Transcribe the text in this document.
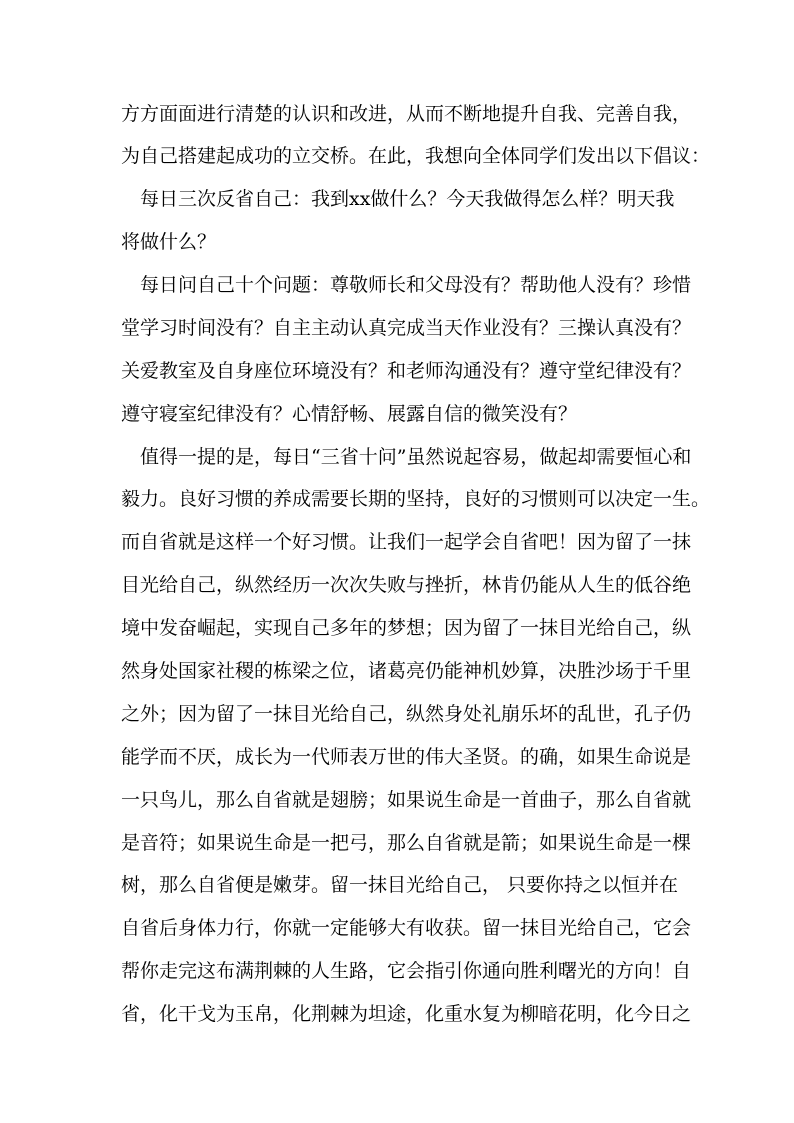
方方面面进行清楚的认识和改进，从而不断地提升自我、完善自我，
为自己搭建起成功的立交桥。在此，我想向全体同学们发出以下倡议：
每日三次反省自己：我到xx做什么？今天我做得怎么样？明天我
将做什么？
每日问自己十个问题：尊敬师长和父母没有？帮助他人没有？珍惜
堂学习时间没有？自主主动认真完成当天作业没有？三操认真没有？
关爱教室及自身座位环境没有？和老师沟通没有？遵守堂纪律没有？
遵守寝室纪律没有？心情舒畅、展露自信的微笑没有？
值得一提的是，每日“三省十问”虽然说起容易，做起却需要恒心和
毅力。良好习惯的养成需要长期的坚持，良好的习惯则可以决定一生。
而自省就是这样一个好习惯。让我们一起学会自省吧！因为留了一抹
目光给自己，纵然经历一次次失败与挫折，林肯仍能从人生的低谷绝
境中发奋崛起，实现自己多年的梦想；因为留了一抹目光给自己，纵
然身处国家社稷的栋梁之位，诸葛亮仍能神机妙算，决胜沙场于千里
之外；因为留了一抹目光给自己，纵然身处礼崩乐坏的乱世，孔子仍
能学而不厌，成长为一代师表万世的伟大圣贤。的确，如果生命说是
一只鸟儿，那么自省就是翅膀；如果说生命是一首曲子，那么自省就
是音符；如果说生命是一把弓，那么自省就是箭；如果说生命是一棵
树，那么自省便是嫩芽。留一抹目光给自己， 只要你持之以恒并在
自省后身体力行，你就一定能够大有收获。留一抹目光给自己，它会
帮你走完这布满荆棘的人生路，它会指引你通向胜利曙光的方向！自
省，化干戈为玉帛，化荆棘为坦途，化重水复为柳暗花明，化今日之
